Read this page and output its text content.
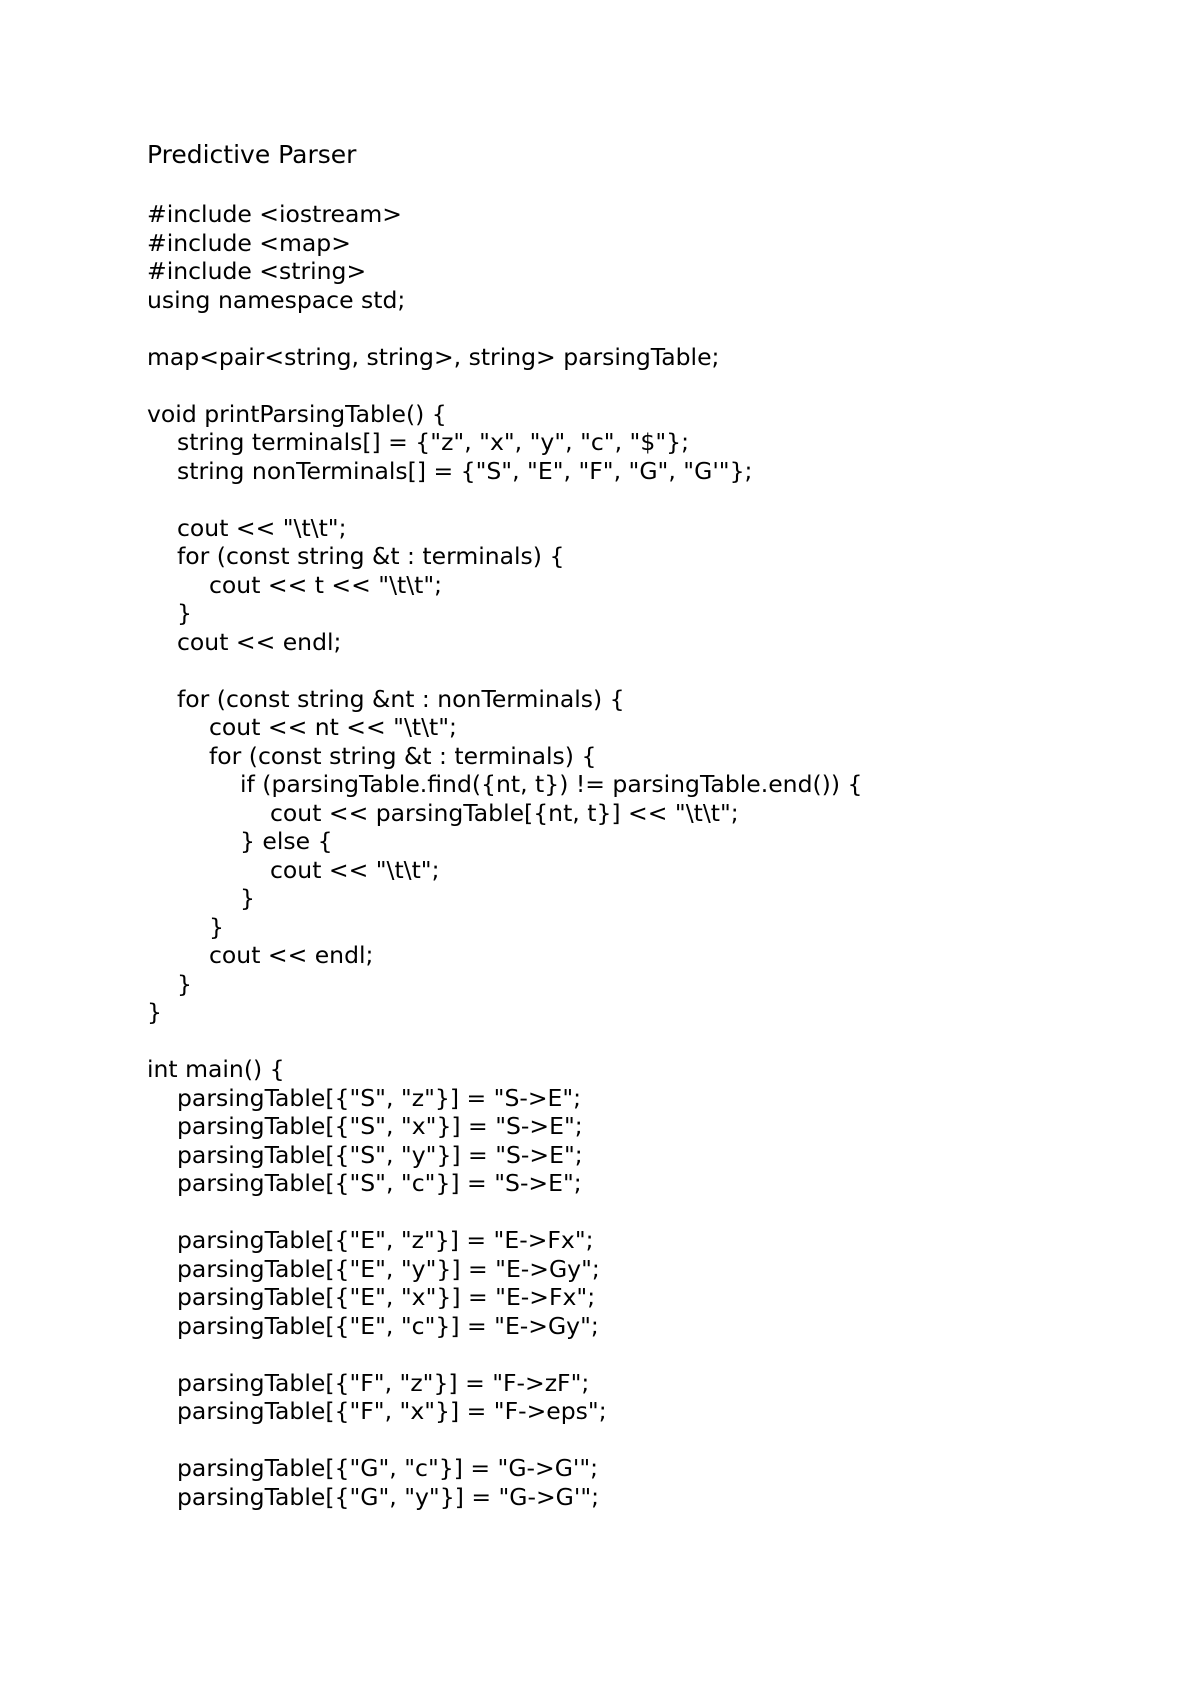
Predictive Parser
#include <iostream>
#include <map>
#include <string>
using namespace std;
map<pair<string, string>, string> parsingTable;
void printParsingTable() {
string terminals[] = {"z", "x", "y", "c", "$"};
string nonTerminals[] = {"S", "E", "F", "G", "G'"};
cout << "\t\t";
for (const string &t : terminals) {
cout << t << "\t\t";
}
cout << endl;
for (const string &nt : nonTerminals) {
cout << nt << "\t\t";
for (const string &t : terminals) {
if (parsingTable.find({nt, t}) != parsingTable.end()) {
cout << parsingTable[{nt, t}] << "\t\t";
} else {
cout << "\t\t";
}
}
cout << endl;
}
}
int main() {
parsingTable[{"S", "z"}] = "S->E";
parsingTable[{"S", "x"}] = "S->E";
parsingTable[{"S", "y"}] = "S->E";
parsingTable[{"S", "c"}] = "S->E";
parsingTable[{"E", "z"}] = "E->Fx";
parsingTable[{"E", "y"}] = "E->Gy";
parsingTable[{"E", "x"}] = "E->Fx";
parsingTable[{"E", "c"}] = "E->Gy";
parsingTable[{"F", "z"}] = "F->zF";
parsingTable[{"F", "x"}] = "F->eps";
parsingTable[{"G", "c"}] = "G->G'";
parsingTable[{"G", "y"}] = "G->G'";
